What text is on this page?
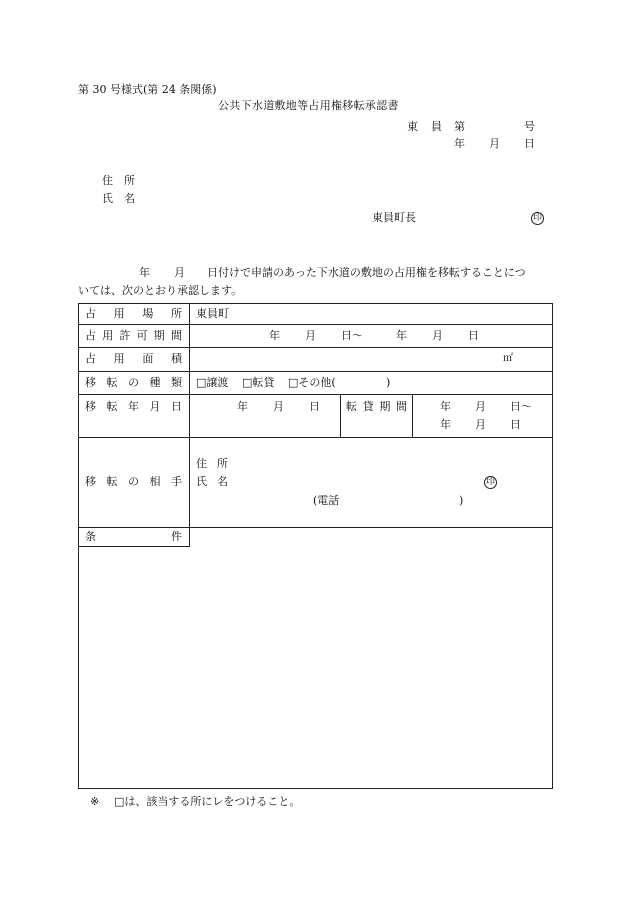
第 30 号様式(第 24 条関係)
公共下水道敷地等占用権移転承認書
東 員 第	号
年 月 日
住 所
氏 名
東員町長	印
年 月 日付けで申請のあった下水道の敷地の占用権を移転することにつ
いては、次のとおり承認します。
占 用 場 所 東員町
占 用 許 可 期 間	年 月 日〜	年 月 日
占 用 面 積	㎡
移 転 の 種 類 □譲渡 □転貸 □その他(	)
移 転 年 月 日	年 月 日 転 貸 期 間	年 月 日〜
年 月 日
移 転 の 相 手
住 所
氏 名	印
(電話	)
条	件
※ □は、該当する所にレをつけること。
